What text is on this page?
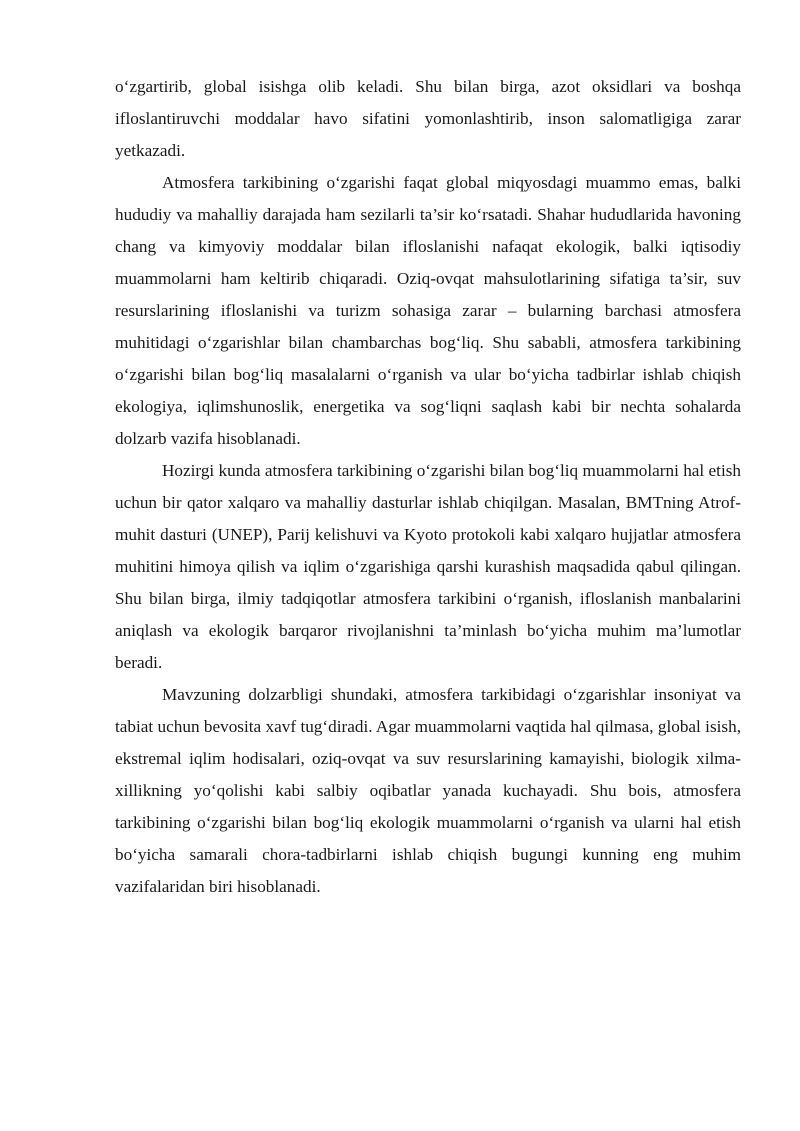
o‘zgartirib, global isishga olib keladi. Shu bilan birga, azot oksidlari va boshqa ifloslantiruvchi moddalar havo sifatini yomonlashtirib, inson salomatligiga zarar yetkazadi.

Atmosfera tarkibining o‘zgarishi faqat global miqyosdagi muammo emas, balki hududiy va mahalliy darajada ham sezilarli ta’sir ko‘rsatadi. Shahar hududlarida havoning chang va kimyoviy moddalar bilan ifloslanishi nafaqat ekologik, balki iqtisodiy muammolarni ham keltirib chiqaradi. Oziq-ovqat mahsulotlarining sifatiga ta’sir, suv resurslarining ifloslanishi va turizm sohasiga zarar – bularning barchasi atmosfera muhitidagi o‘zgarishlar bilan chambarchas bog‘liq. Shu sababli, atmosfera tarkibining o‘zgarishi bilan bog‘liq masalalarni o‘rganish va ular bo‘yicha tadbirlar ishlab chiqish ekologiya, iqlimshunoslik, energetika va sog‘liqni saqlash kabi bir nechta sohalarda dolzarb vazifa hisoblanadi.

Hozirgi kunda atmosfera tarkibining o‘zgarishi bilan bog‘liq muammolarni hal etish uchun bir qator xalqaro va mahalliy dasturlar ishlab chiqilgan. Masalan, BMTning Atrof-muhit dasturi (UNEP), Parij kelishuvi va Kyoto protokoli kabi xalqaro hujjatlar atmosfera muhitini himoya qilish va iqlim o‘zgarishiga qarshi kurashish maqsadida qabul qilingan. Shu bilan birga, ilmiy tadqiqotlar atmosfera tarkibini o‘rganish, ifloslanish manbalarini aniqlash va ekologik barqaror rivojlanishni ta’minlash bo‘yicha muhim ma’lumotlar beradi.

Mavzuning dolzarbligi shundaki, atmosfera tarkibidagi o‘zgarishlar insoniyat va tabiat uchun bevosita xavf tug‘diradi. Agar muammolarni vaqtida hal qilmasa, global isish, ekstremal iqlim hodisalari, oziq-ovqat va suv resurslarining kamayishi, biologik xilma-xillikning yo‘qolishi kabi salbiy oqibatlar yanada kuchayadi. Shu bois, atmosfera tarkibining o‘zgarishi bilan bog‘liq ekologik muammolarni o‘rganish va ularni hal etish bo‘yicha samarali chora-tadbirlarni ishlab chiqish bugungi kunning eng muhim vazifalaridan biri hisoblanadi.
